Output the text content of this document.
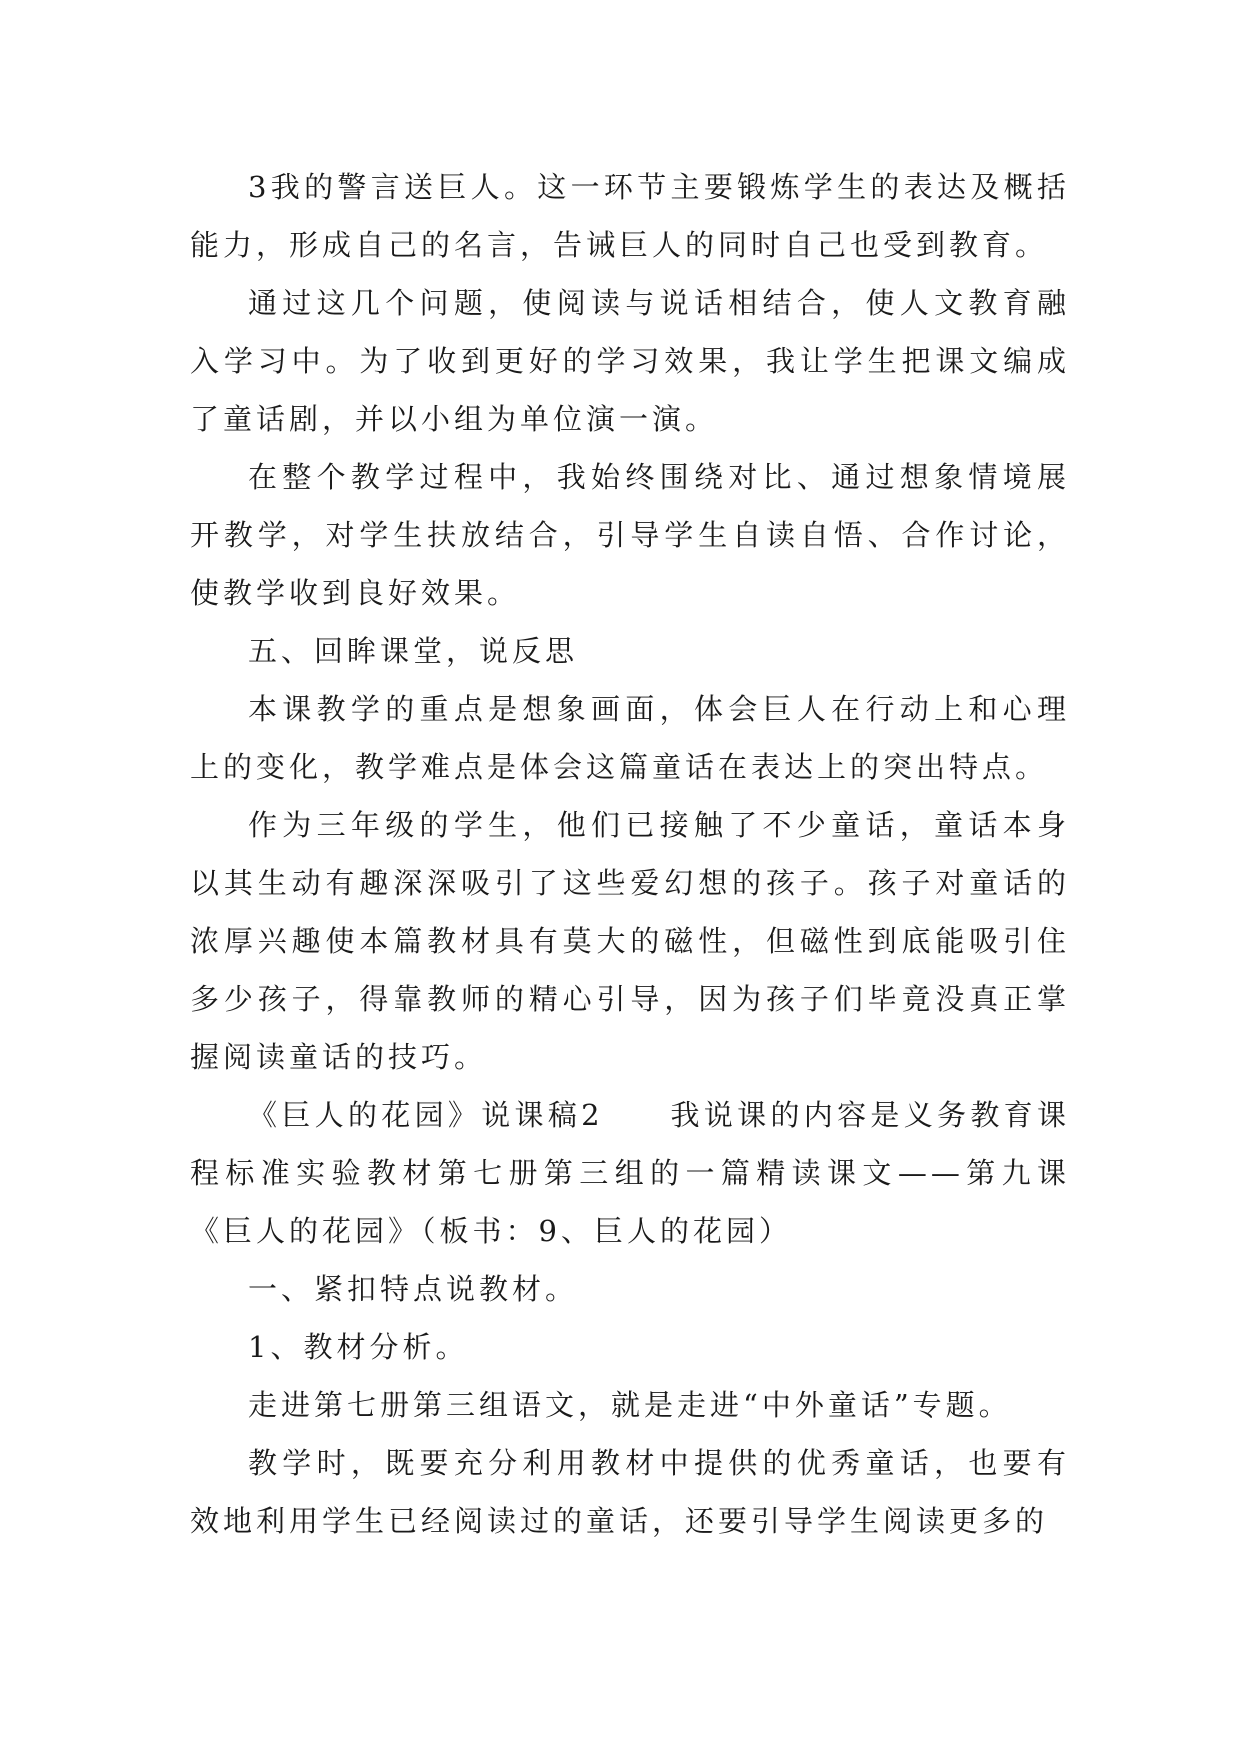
3我的警言送巨人。这一环节主要锻炼学生的表达及概括能力，形成自己的名言，告诫巨人的同时自己也受到教育。

通过这几个问题，使阅读与说话相结合，使人文教育融入学习中。为了收到更好的学习效果，我让学生把课文编成了童话剧，并以小组为单位演一演。

在整个教学过程中，我始终围绕对比、通过想象情境展开教学，对学生扶放结合，引导学生自读自悟、合作讨论，使教学收到良好效果。

五、回眸课堂，说反思

本课教学的重点是想象画面，体会巨人在行动上和心理上的变化，教学难点是体会这篇童话在表达上的突出特点。

作为三年级的学生，他们已接触了不少童话，童话本身以其生动有趣深深吸引了这些爱幻想的孩子。孩子对童话的浓厚兴趣使本篇教材具有莫大的磁性，但磁性到底能吸引住多少孩子，得靠教师的精心引导，因为孩子们毕竟没真正掌握阅读童话的技巧。

《巨人的花园》说课稿2　　我说课的内容是义务教育课程标准实验教材第七册第三组的一篇精读课文——第九课《巨人的花园》（板书：9、巨人的花园）

一、紧扣特点说教材。

1、教材分析。

走进第七册第三组语文，就是走进“中外童话”专题。

教学时，既要充分利用教材中提供的优秀童话，也要有效地利用学生已经阅读过的童话，还要引导学生阅读更多的
